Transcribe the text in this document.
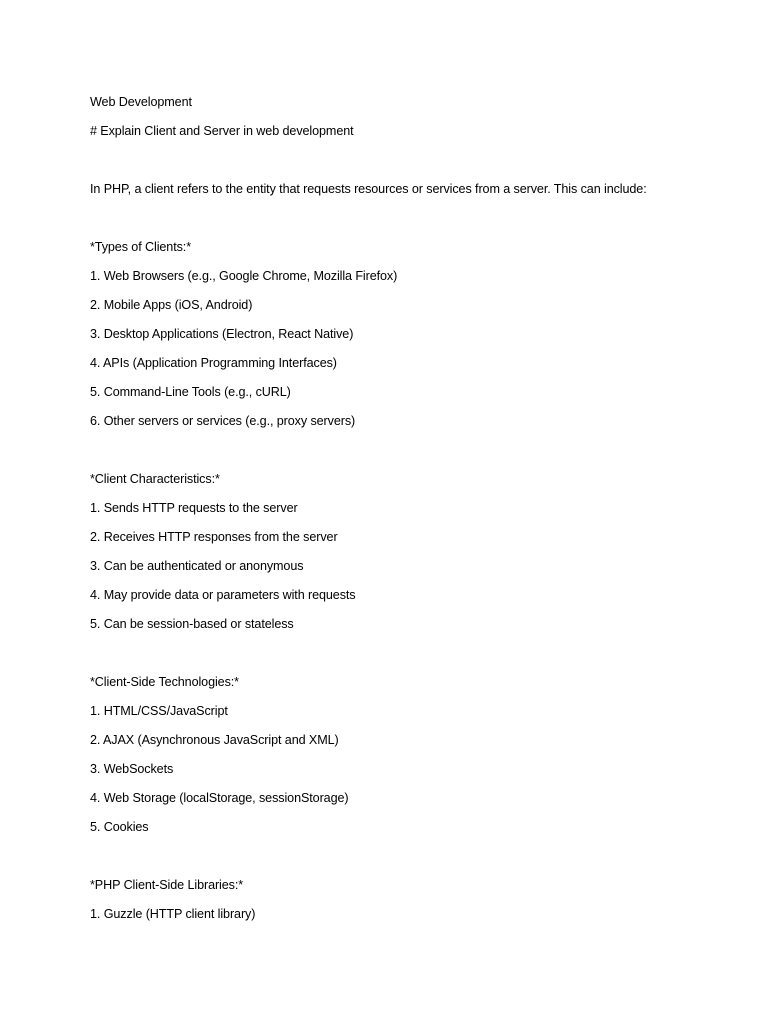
Web Development
# Explain Client and Server in web development
In PHP, a client refers to the entity that requests resources or services from a server. This can include:
*Types of Clients:*
1. Web Browsers (e.g., Google Chrome, Mozilla Firefox)
2. Mobile Apps (iOS, Android)
3. Desktop Applications (Electron, React Native)
4. APIs (Application Programming Interfaces)
5. Command-Line Tools (e.g., cURL)
6. Other servers or services (e.g., proxy servers)
*Client Characteristics:*
1. Sends HTTP requests to the server
2. Receives HTTP responses from the server
3. Can be authenticated or anonymous
4. May provide data or parameters with requests
5. Can be session-based or stateless
*Client-Side Technologies:*
1. HTML/CSS/JavaScript
2. AJAX (Asynchronous JavaScript and XML)
3. WebSockets
4. Web Storage (localStorage, sessionStorage)
5. Cookies
*PHP Client-Side Libraries:*
1. Guzzle (HTTP client library)
